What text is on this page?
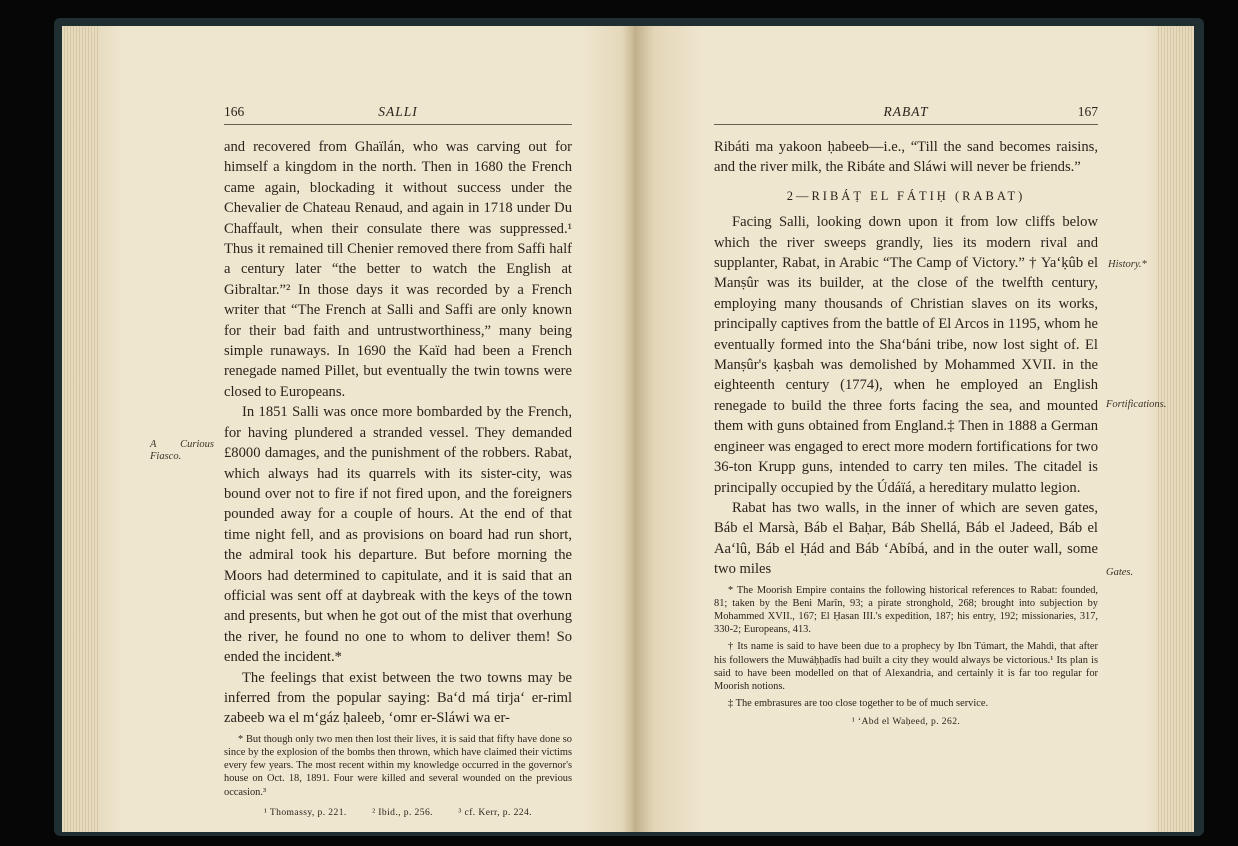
166	SALLI
A Curious Fiasco.

and recovered from Ghaïlán, who was carving out for himself a kingdom in the north. Then in 1680 the French came again, blockading it without success under the Chevalier de Chateau Renaud, and again in 1718 under Du Chaffault, when their consulate there was suppressed.¹ Thus it remained till Chenier removed there from Saffi half a century later “the better to watch the English at Gibraltar.”² In those days it was recorded by a French writer that “The French at Salli and Saffi are only known for their bad faith and untrustworthiness,” many being simple runaways. In 1690 the Kaïd had been a French renegade named Pillet, but eventually the twin towns were closed to Europeans.

In 1851 Salli was once more bombarded by the French, for having plundered a stranded vessel. They demanded £8000 damages, and the punishment of the robbers. Rabat, which always had its quarrels with its sister-city, was bound over not to fire if not fired upon, and the foreigners pounded away for a couple of hours. At the end of that time night fell, and as provisions on board had run short, the admiral took his departure. But before morning the Moors had determined to capitulate, and it is said that an official was sent off at daybreak with the keys of the town and presents, but when he got out of the mist that overhung the river, he found no one to whom to deliver them! So ended the incident.*

The feelings that exist between the two towns may be inferred from the popular saying: Ba‘d má tirja‘ er-riml zabeeb wa el m‘gáz ḥaleeb, ‘omr er-Sláwi wa er-

* But though only two men then lost their lives, it is said that fifty have done so since by the explosion of the bombs then thrown, which have claimed their victims every few years. The most recent within my knowledge occurred in the governor's house on Oct. 18, 1891. Four were killed and several wounded on the previous occasion.³
¹ Thomassy, p. 221.	² Ibid., p. 256.	³ cf. Kerr, p. 224.
RABAT	167
History.*
Fortifications.
Gates.

Ribáti ma yakoon ḥabeeb—i.e., “Till the sand becomes raisins, and the river milk, the Ribáte and Sláwi will never be friends.”

2—RIBÁṬ EL FÁTIḤ (RABAT)

Facing Salli, looking down upon it from low cliffs below which the river sweeps grandly, lies its modern rival and supplanter, Rabat, in Arabic “The Camp of Victory.” † Ya‘ḳûb el Manṣûr was its builder, at the close of the twelfth century, employing many thousands of Christian slaves on its works, principally captives from the battle of El Arcos in 1195, whom he eventually formed into the Sha‘báni tribe, now lost sight of. El Manṣûr's ḳaṣbah was demolished by Mohammed XVII. in the eighteenth century (1774), when he employed an English renegade to build the three forts facing the sea, and mounted them with guns obtained from England.‡ Then in 1888 a German engineer was engaged to erect more modern fortifications for two 36-ton Krupp guns, intended to carry ten miles. The citadel is principally occupied by the Údáïá, a hereditary mulatto legion.

Rabat has two walls, in the inner of which are seven gates, Báb el Marsà, Báb el Baḥar, Báb Shellá, Báb el Jadeed, Báb el Aa‘lû, Báb el Ḥád and Báb ‘Abíbá, and in the outer wall, some two miles

* The Moorish Empire contains the following historical references to Rabat: founded, 81; taken by the Beni Marîn, 93; a pirate stronghold, 268; brought into subjection by Mohammed XVII., 167; El Ḥasan III.'s expedition, 187; his entry, 192; missionaries, 317, 330-2; Europeans, 413.
† Its name is said to have been due to a prophecy by Ibn Túmart, the Mahdi, that after his followers the Muwáḥḥadîs had built a city they would always be victorious.¹ Its plan is said to have been modelled on that of Alexandria, and certainly it is far too regular for Moorish notions.
‡ The embrasures are too close together to be of much service.
¹ ‘Abd el Waḥeed, p. 262.
